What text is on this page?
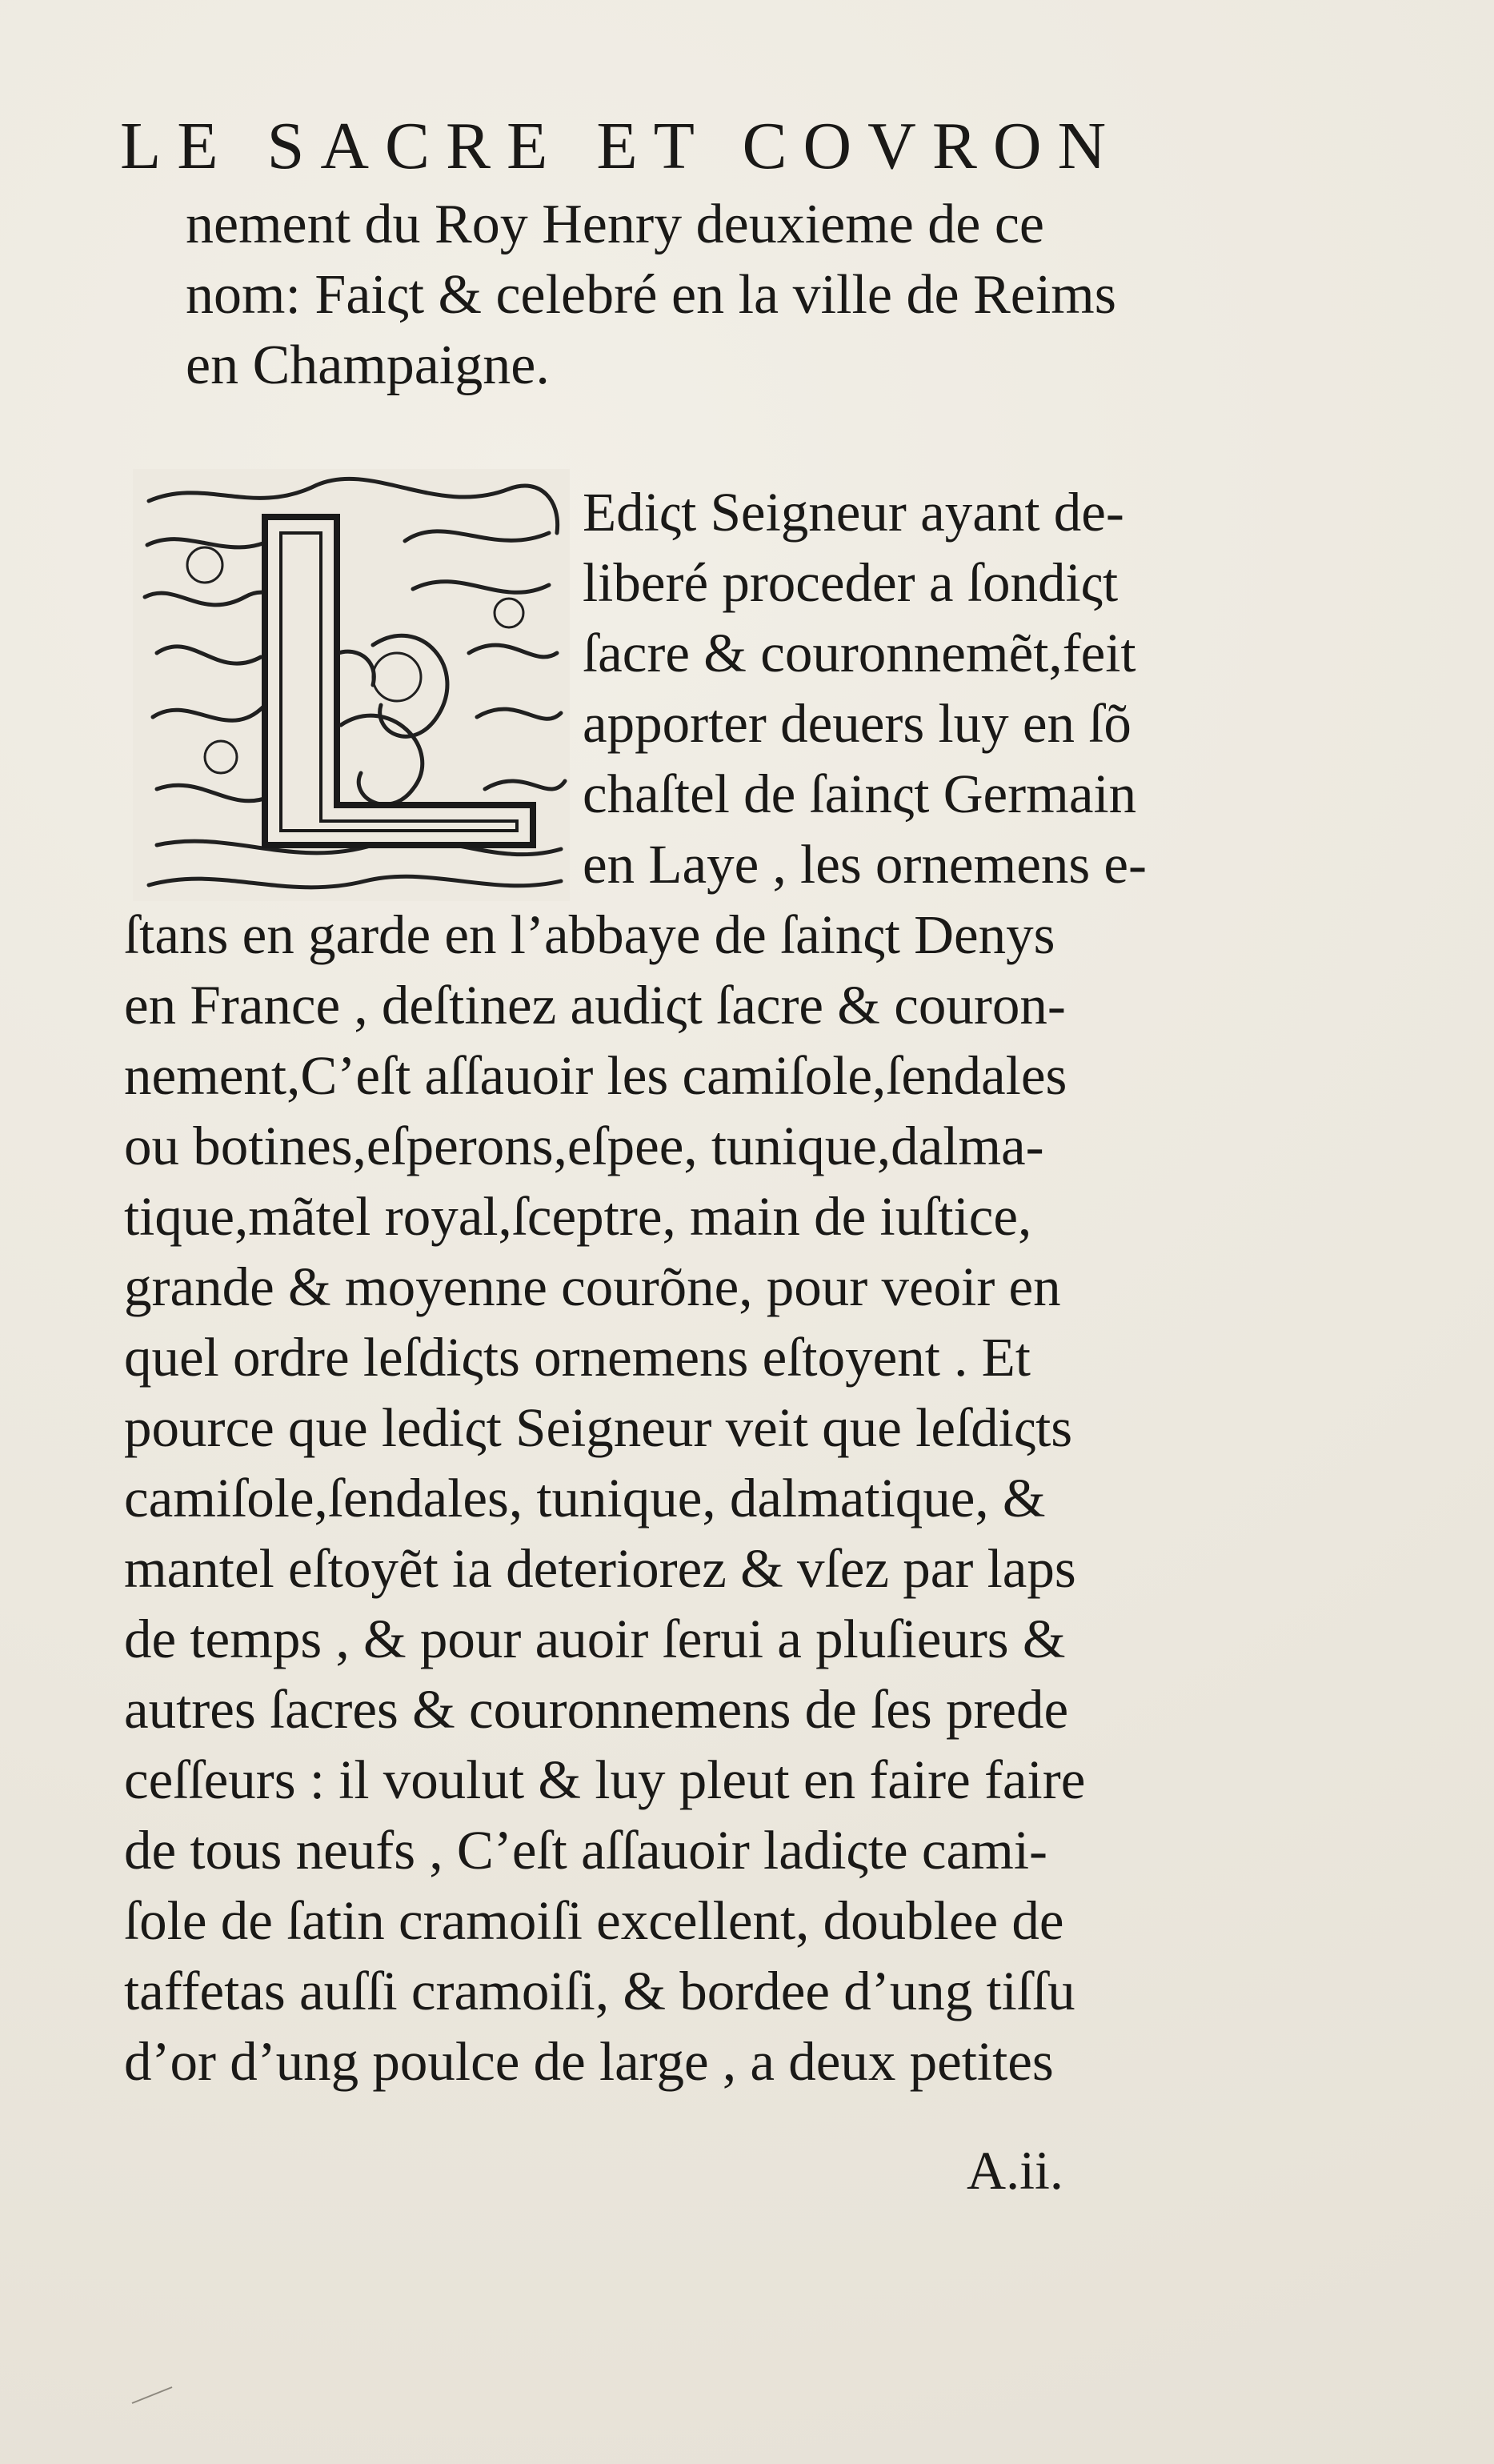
LE SACRE ET COVRON
nement du Roy Henry deuxieme de ce
nom: Faiςt & celebré en la ville de Reims
en Champaigne.
L
Ediςt Seigneur ayant de-
liberé proceder a ſondiςt
ſacre & couronnemẽt,feit
apporter deuers luy en ſõ
chaſtel de ſainςt Germain
en Laye , les ornemens e-
ſtans en garde en l’abbaye de ſainςt Denys
en France , deſtinez audiςt ſacre & couron-
nement,C’eſt aſſauoir les camiſole,ſendales
ou botines,eſperons,eſpee, tunique,dalma-
tique,mãtel royal,ſceptre, main de iuſtice,
grande & moyenne courõne, pour veoir en
quel ordre leſdiςts ornemens eſtoyent . Et
pource que lediςt Seigneur veit que leſdiςts
camiſole,ſendales, tunique, dalmatique, &
mantel eſtoyẽt ia deteriorez & vſez par laps
de temps , & pour auoir ſerui a pluſieurs &
autres ſacres & couronnemens de ſes prede
ceſſeurs : il voulut & luy pleut en faire faire
de tous neufs , C’eſt aſſauoir ladiςte cami-
ſole de ſatin cramoiſi excellent, doublee de
taffetas auſſi cramoiſi, & bordee d’ung tiſſu
d’or d’ung poulce de large , a deux petites
A.ii.
